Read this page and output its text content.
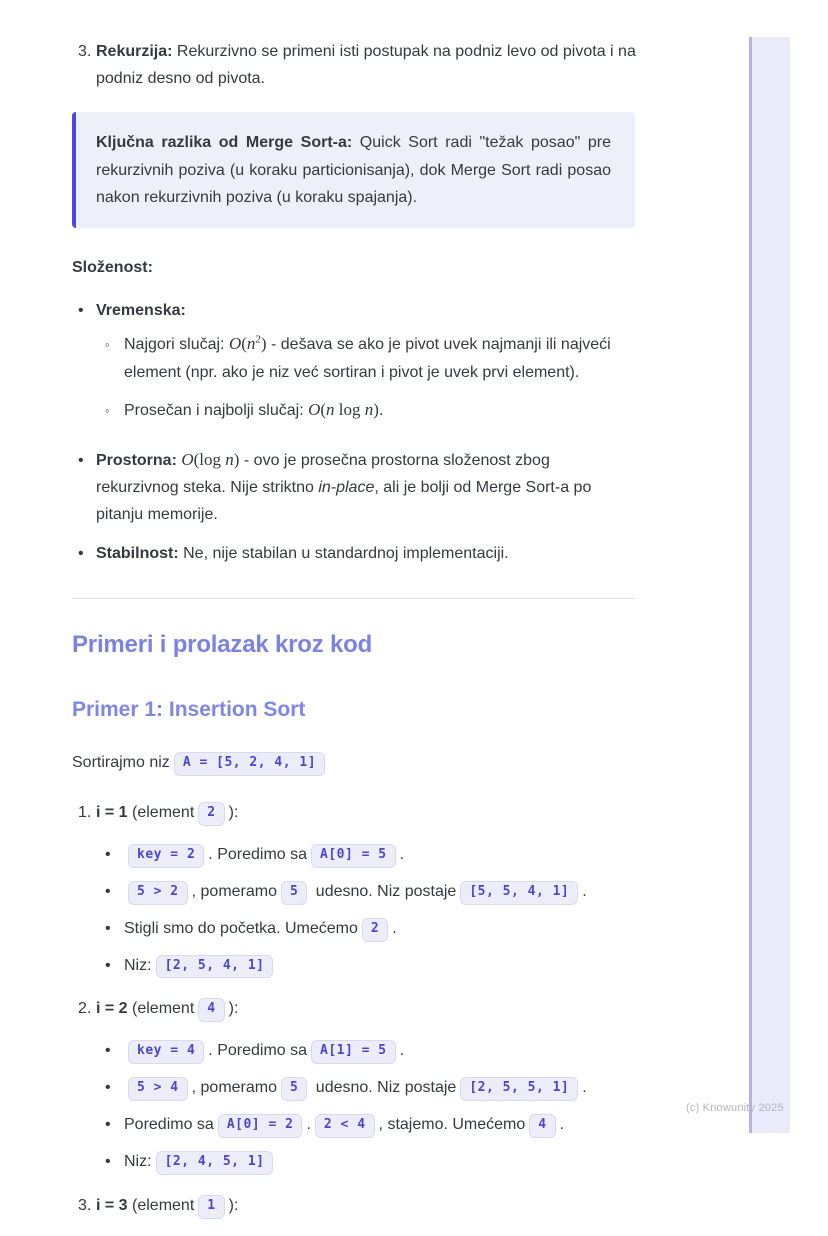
(c) Knowunity 2025
3. Rekurzija: Rekurzivno se primeni isti postupak na podniz levo od pivota i na podniz desno od pivota.
Ključna razlika od Merge Sort-a: Quick Sort radi "težak posao" pre rekurzivnih poziva (u koraku particionisanja), dok Merge Sort radi posao nakon rekurzivnih poziva (u koraku spajanja).

Složenost:

• Vremenska:
◦ Najgori slučaj: $O(n^2)$ - dešava se ako je pivot uvek najmanji ili najveći element (npr. ako je niz već sortiran i pivot je uvek prvi element).
◦ Prosečan i najbolji slučaj: O(n log n).
• Prostorna: O(log n) - ovo je prosečna prostorna složenost zbog rekurzivnog steka. Nije striktno in-place, ali je bolji od Merge Sort-a po pitanju memorije.
• Stabilnost: Ne, nije stabilan u standardnoj implementaciji.
Primeri i prolazak kroz kod
Primer 1: Insertion Sort

Sortirajmo niz A = [5, 2, 4, 1]

1. i = 1 (element 2 ):
•	key = 2 . Poredimo sa A[0] = 5 .
•	5 > 2 , pomeramo 5 udesno. Niz postaje [5, 5, 4, 1] .
• Stigli smo do početka. Umećemo 2 .
• Niz: [2, 5, 4, 1]
2. i = 2 (element 4 ):
•	key = 4 . Poredimo sa A[1] = 5 .
•	5 > 4 , pomeramo 5 udesno. Niz postaje [2, 5, 5, 1] .
• Poredimo sa A[0] = 2 . 2 < 4 , stajemo. Umećemo 4 .
• Niz: [2, 4, 5, 1]
3. i = 3 (element 1 ):
